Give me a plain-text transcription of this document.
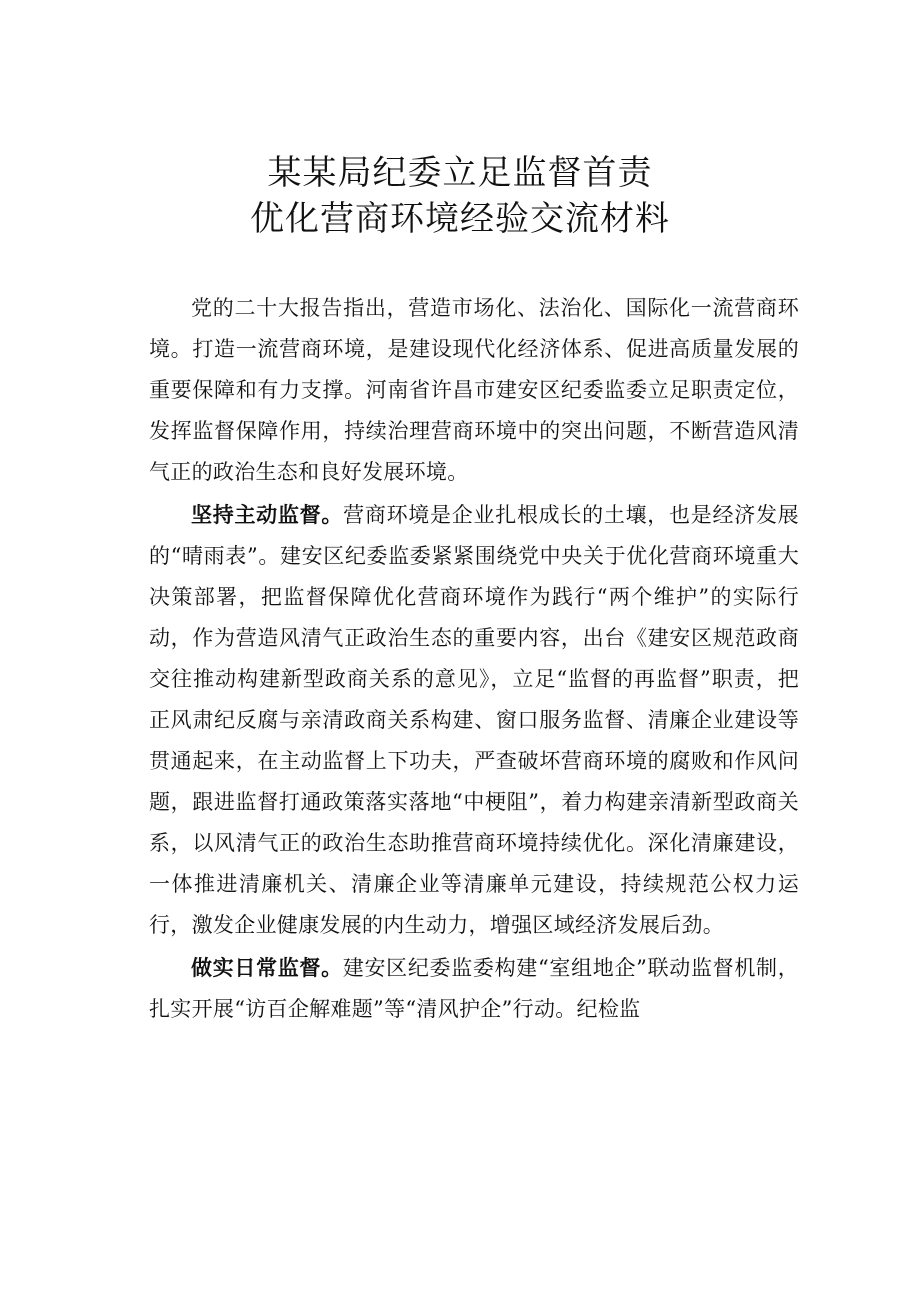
某某局纪委立足监督首责
优化营商环境经验交流材料

党的二十大报告指出，营造市场化、法治化、国际化一流营商环境。打造一流营商环境，是建设现代化经济体系、促进高质量发展的重要保障和有力支撑。河南省许昌市建安区纪委监委立足职责定位，发挥监督保障作用，持续治理营商环境中的突出问题，不断营造风清气正的政治生态和良好发展环境。

坚持主动监督。营商环境是企业扎根成长的土壤，也是经济发展的“晴雨表”。建安区纪委监委紧紧围绕党中央关于优化营商环境重大决策部署，把监督保障优化营商环境作为践行“两个维护”的实际行动，作为营造风清气正政治生态的重要内容，出台《建安区规范政商交往推动构建新型政商关系的意见》，立足“监督的再监督”职责，把正风肃纪反腐与亲清政商关系构建、窗口服务监督、清廉企业建设等贯通起来，在主动监督上下功夫，严查破坏营商环境的腐败和作风问题，跟进监督打通政策落实落地“中梗阻”，着力构建亲清新型政商关系，以风清气正的政治生态助推营商环境持续优化。深化清廉建设，一体推进清廉机关、清廉企业等清廉单元建设，持续规范公权力运行，激发企业健康发展的内生动力，增强区域经济发展后劲。

做实日常监督。建安区纪委监委构建“室组地企”联动监督机制，扎实开展“访百企解难题”等“清风护企”行动。纪检监
